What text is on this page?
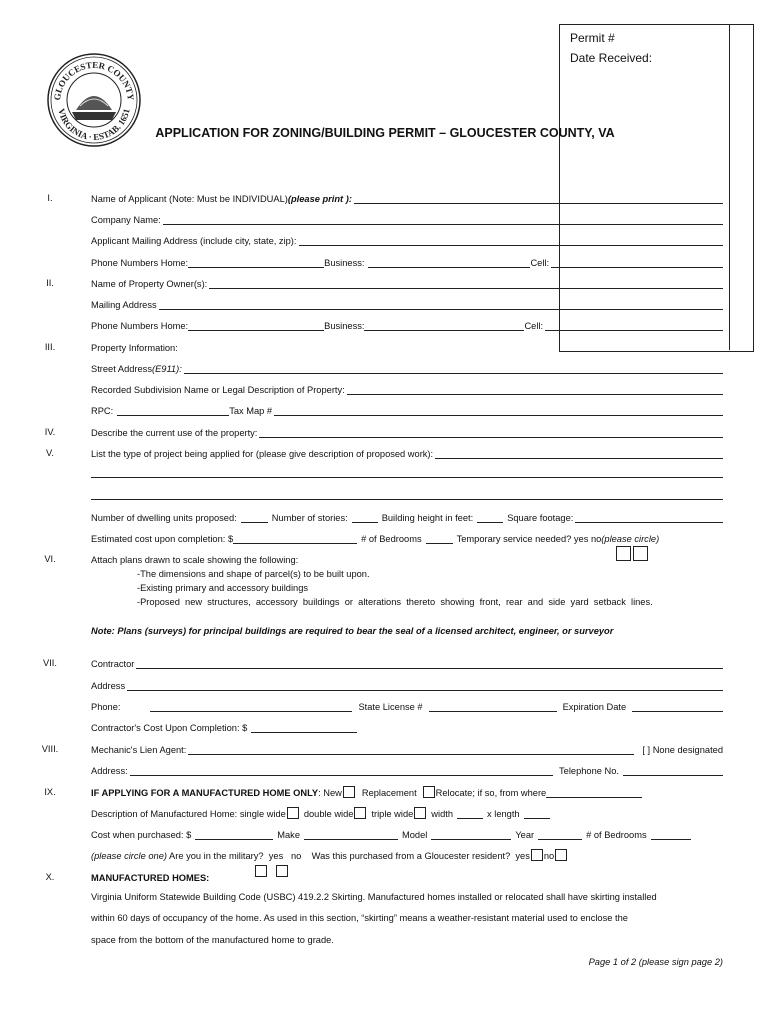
Permit #
Date Received:
GLOUCESTER COUNTY
VIRGINIA · ESTAB. 1651
APPLICATION FOR ZONING/BUILDING PERMIT – GLOUCESTER COUNTY, VA
I.	Name of Applicant (Note: Must be INDIVIDUAL) (please print ):
Company Name:
Applicant Mailing Address (include city, state, zip):
Phone Numbers Home:	Business:	Cell:
II.	Name of Property Owner(s):
Mailing Address
Phone Numbers Home:	Business:	Cell:
III.	Property Information:
Street Address (E911):
Recorded Subdivision Name or Legal Description of Property:
RPC:	Tax Map #
IV.	Describe the current use of the property:
V.	List the type of project being applied for (please give description of proposed work):
Number of dwelling units proposed:	Number of stories:	Building height in feet:	Square footage:
Estimated cost upon completion: $	# of Bedrooms	Temporary service needed? yes no (please circle)
VI.	Attach plans drawn to scale showing the following:
-The dimensions and shape of parcel(s) to be built upon.
-Existing primary and accessory buildings
-Proposed  new  structures,  accessory  buildings  or  alterations  thereto  showing  front,  rear  and  side  yard  setback  lines.
Note: Plans (surveys) for principal buildings are required to bear the seal of a licensed architect, engineer, or surveyor
VII.	Contractor
Address
Phone:	State License #	Expiration Date
Contractor's Cost Upon Completion: $
VIII.	Mechanic's Lien Agent:	[ ] None designated
Address:	Telephone No.
IX.	IF APPLYING FOR A MANUFACTURED HOME ONLY : New Replacement Relocate; if so, from where
Description of Manufactured Home: single wide double wide triple wide width	x length
Cost when purchased: $	Make	Model	Year	# of Bedrooms
(please circle one) Are you in the military?  yes   no    Was this purchased from a Gloucester resident?  yes no
X.	MANUFACTURED HOMES:
Virginia Uniform Statewide Building Code (USBC) 419.2.2 Skirting. Manufactured homes installed or relocated shall have skirting installed
within 60 days of occupancy of the home. As used in this section, “skirting” means a weather-resistant material used to enclose the
space from the bottom of the manufactured home to grade.
Page 1 of 2 (please sign page 2)
